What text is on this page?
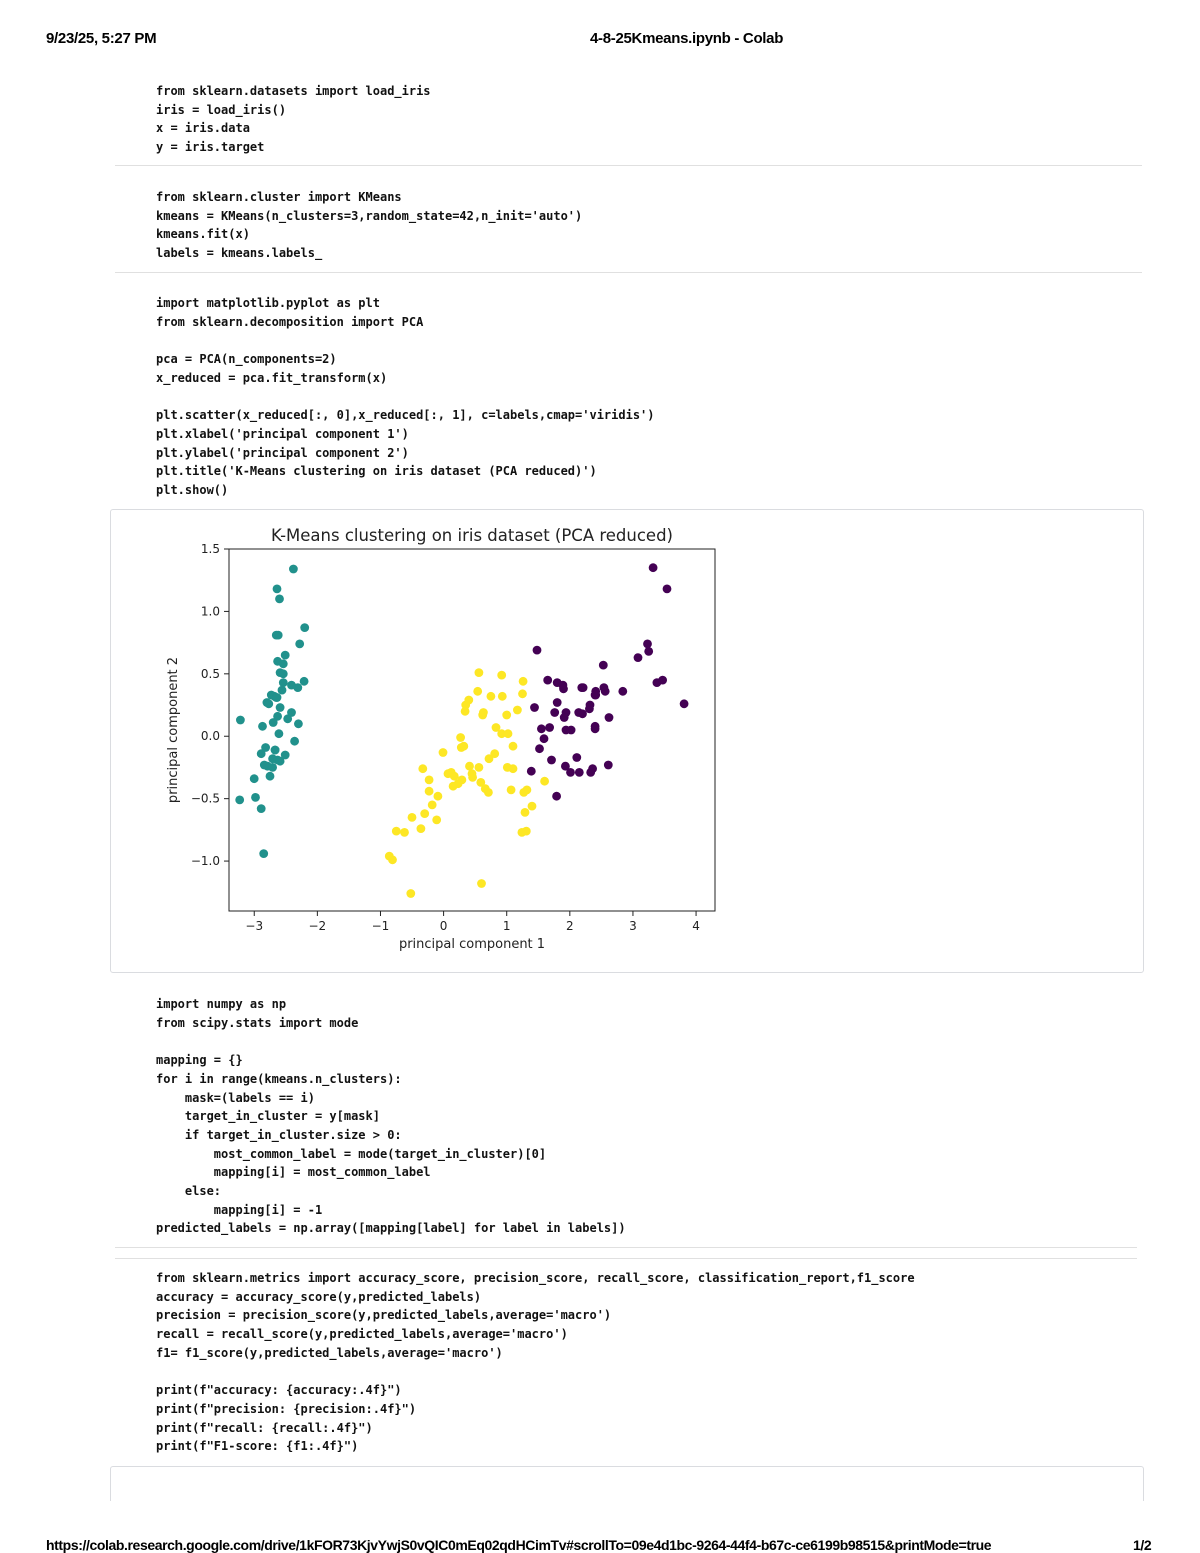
9/23/25, 5:27 PM	4-8-25Kmeans.ipynb - Colab
from sklearn.datasets import load_iris
iris = load_iris()
x = iris.data
y = iris.target
from sklearn.cluster import KMeans
kmeans = KMeans(n_clusters=3,random_state=42,n_init='auto')
kmeans.fit(x)
labels = kmeans.labels_
import matplotlib.pyplot as plt
from sklearn.decomposition import PCA

pca = PCA(n_components=2)
x_reduced = pca.fit_transform(x)

plt.scatter(x_reduced[:, 0],x_reduced[:, 1], c=labels,cmap='viridis')
plt.xlabel('principal component 1')
plt.ylabel('principal component 2')
plt.title('K-Means clustering on iris dataset (PCA reduced)')
plt.show()
K-Means clustering on iris dataset (PCA reduced)
−3	−2	−1	0	1	2	3	4
−1.0
−0.5
0.0
0.5
1.0
1.5
principal component 1
principal component 2
import numpy as np
from scipy.stats import mode

mapping = {}
for i in range(kmeans.n_clusters):
mask=(labels == i)
target_in_cluster = y[mask]
if target_in_cluster.size > 0:
most_common_label = mode(target_in_cluster)[0]
mapping[i] = most_common_label
else:
mapping[i] = -1
predicted_labels = np.array([mapping[label] for label in labels])
from sklearn.metrics import accuracy_score, precision_score, recall_score, classification_report,f1_score
accuracy = accuracy_score(y,predicted_labels)
precision = precision_score(y,predicted_labels,average='macro')
recall = recall_score(y,predicted_labels,average='macro')
f1= f1_score(y,predicted_labels,average='macro')

print(f"accuracy: {accuracy:.4f}")
print(f"precision: {precision:.4f}")
print(f"recall: {recall:.4f}")
print(f"F1-score: {f1:.4f}")
https://colab.research.google.com/drive/1kFOR73KjvYwjS0vQIC0mEq02qdHCimTv#scrollTo=09e4d1bc-9264-44f4-b67c-ce6199b98515&printMode=true	1/2
